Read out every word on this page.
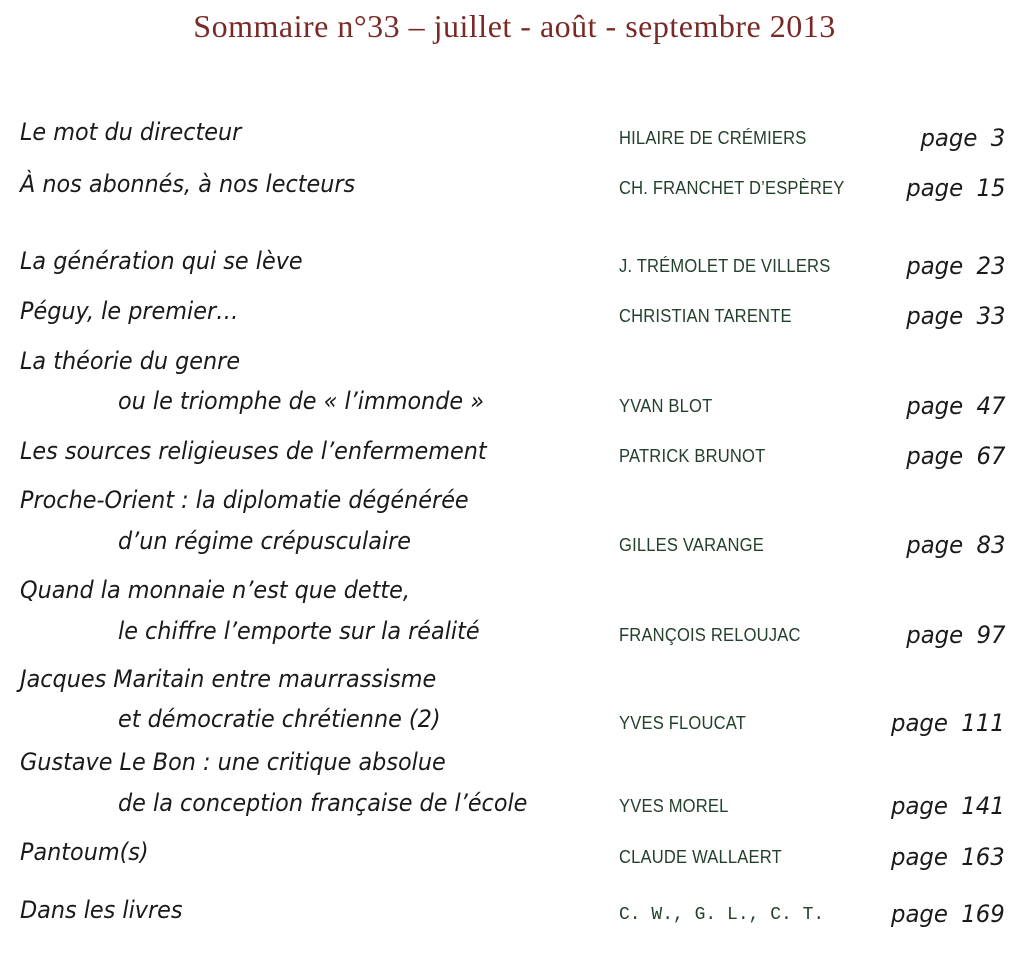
Sommaire n°33 – juillet - août - septembre 2013
Le mot du directeur	HILAIRE DE CRÉMIERS	page 3
À nos abonnés, à nos lecteurs	CH. FRANCHET D’ESPÈREY	page 15
La génération qui se lève	J. TRÉMOLET DE VILLERS	page 23
Péguy, le premier…	CHRISTIAN TARENTE	page 33
La théorie du genre
ou le triomphe de « l’immonde »	YVAN BLOT	page 47
Les sources religieuses de l’enfermement	PATRICK BRUNOT	page 67
Proche-Orient : la diplomatie dégénérée
d’un régime crépusculaire	GILLES VARANGE	page 83
Quand la monnaie n’est que dette,
le chiffre l’emporte sur la réalité	FRANÇOIS RELOUJAC	page 97
Jacques Maritain entre maurrassisme
et démocratie chrétienne (2)	YVES FLOUCAT	page 111
Gustave Le Bon : une critique absolue
de la conception française de l’école	YVES MOREL	page 141
Pantoum(s)	CLAUDE WALLAERT	page 163
Dans les livres	C. W., G. L., C. T.	page 169
